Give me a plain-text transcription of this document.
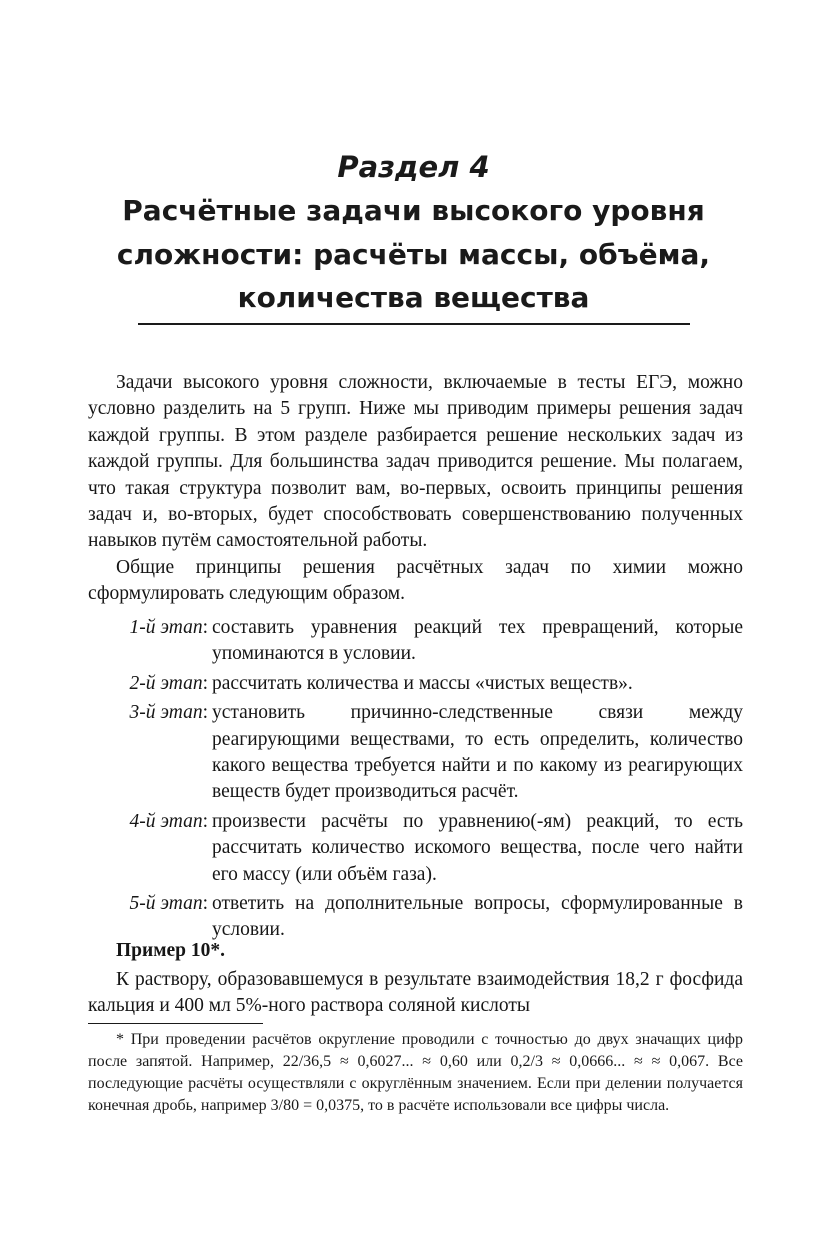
Раздел 4
Расчётные задачи высокого уровня
сложности: расчёты массы, объёма,
количества вещества

Задачи высокого уровня сложности, включаемые в тесты ЕГЭ, можно условно разделить на 5 групп. Ниже мы приводим примеры решения задач каждой группы. В этом разделе разбирается решение нескольких задач из каждой группы. Для большинства задач приводится решение. Мы полагаем, что такая структура позволит вам, во-первых, освоить принципы решения задач и, во-вторых, будет способствовать совершенствованию полученных навыков путём самостоятельной работы.

Общие принципы решения расчётных задач по химии можно сформулировать следующим образом.

1-й этап: составить уравнения реакций тех превращений, которые упоминаются в условии.
2-й этап: рассчитать количества и массы «чистых веществ».
3-й этап: установить причинно-следственные связи между реагирующими веществами, то есть определить, количество какого вещества требуется найти и по какому из реагирующих веществ будет производиться расчёт.
4-й этап: произвести расчёты по уравнению(-ям) реакций, то есть рассчитать количество искомого вещества, после чего найти его массу (или объём газа).
5-й этап: ответить на дополнительные вопросы, сформулированные в условии.
Пример 10*.

К раствору, образовавшемуся в результате взаимодействия 18,2 г фосфида кальция и 400 мл 5%-ного раствора соляной кислоты

* При проведении расчётов округление проводили с точностью до двух значащих цифр после запятой. Например, 22/36,5 ≈ 0,6027... ≈ 0,60 или 0,2/3 ≈ 0,0666... ≈ ≈ 0,067. Все последующие расчёты осуществляли с округлённым значением. Если при делении получается конечная дробь, например 3/80 = 0,0375, то в расчёте использовали все цифры числа.
